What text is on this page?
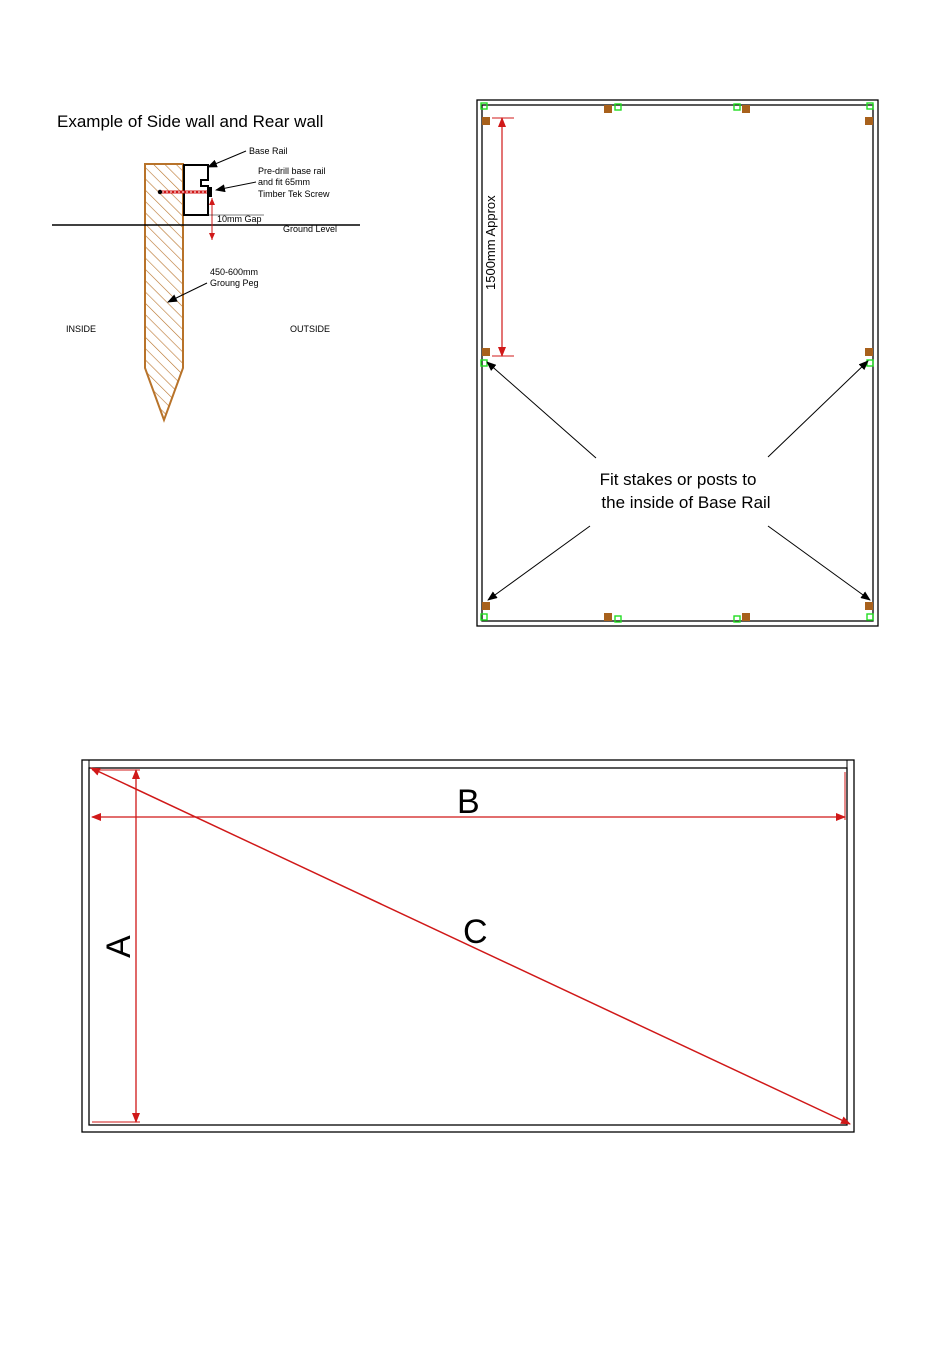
Example of Side wall and Rear wall
Base Rail
Pre-drill base rail
and fit 65mm
Timber Tek Screw
10mm Gap
Ground Level
450-600mm
Groung Peg
INSIDE	OUTSIDE
1500mm Approx
Fit stakes or posts to
the inside of Base Rail
A
B
C
